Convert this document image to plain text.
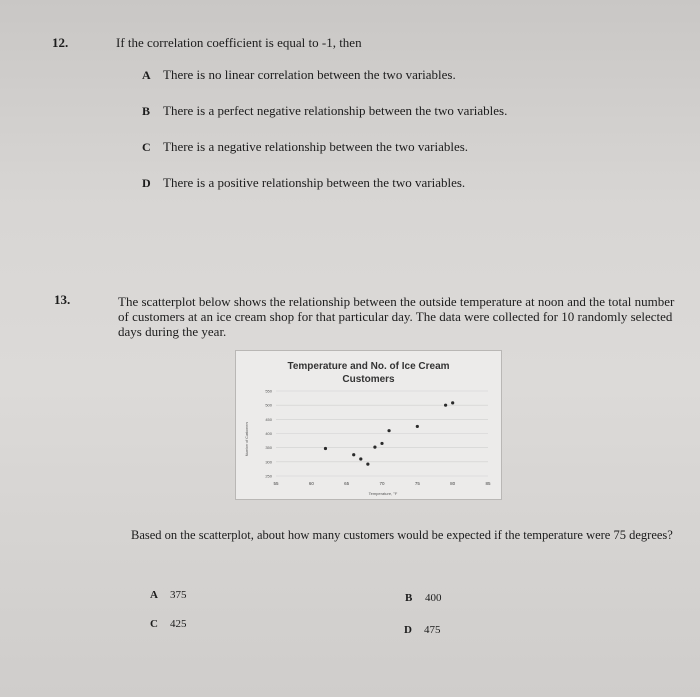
12.	If the correlation coefficient is equal to -1, then
A There is no linear correlation between the two variables.
B There is a perfect negative relationship between the two variables.
C There is a negative relationship between the two variables.
D There is a positive relationship between the two variables.
13.	The scatterplot below shows the relationship between the outside temperature at noon and the total number of customers at an ice cream shop for that particular day. The data were collected for 10 randomly selected days during the year.
Temperature and No. of Ice Cream
Customers
Number of Customers
Temperature, °F
550
500
450
400
350
300
250
55	60	65	70	75	80	85
Based on the scatterplot, about how many customers would be expected if the temperature were 75 degrees?
A 375	B 400
C 425	D 475
